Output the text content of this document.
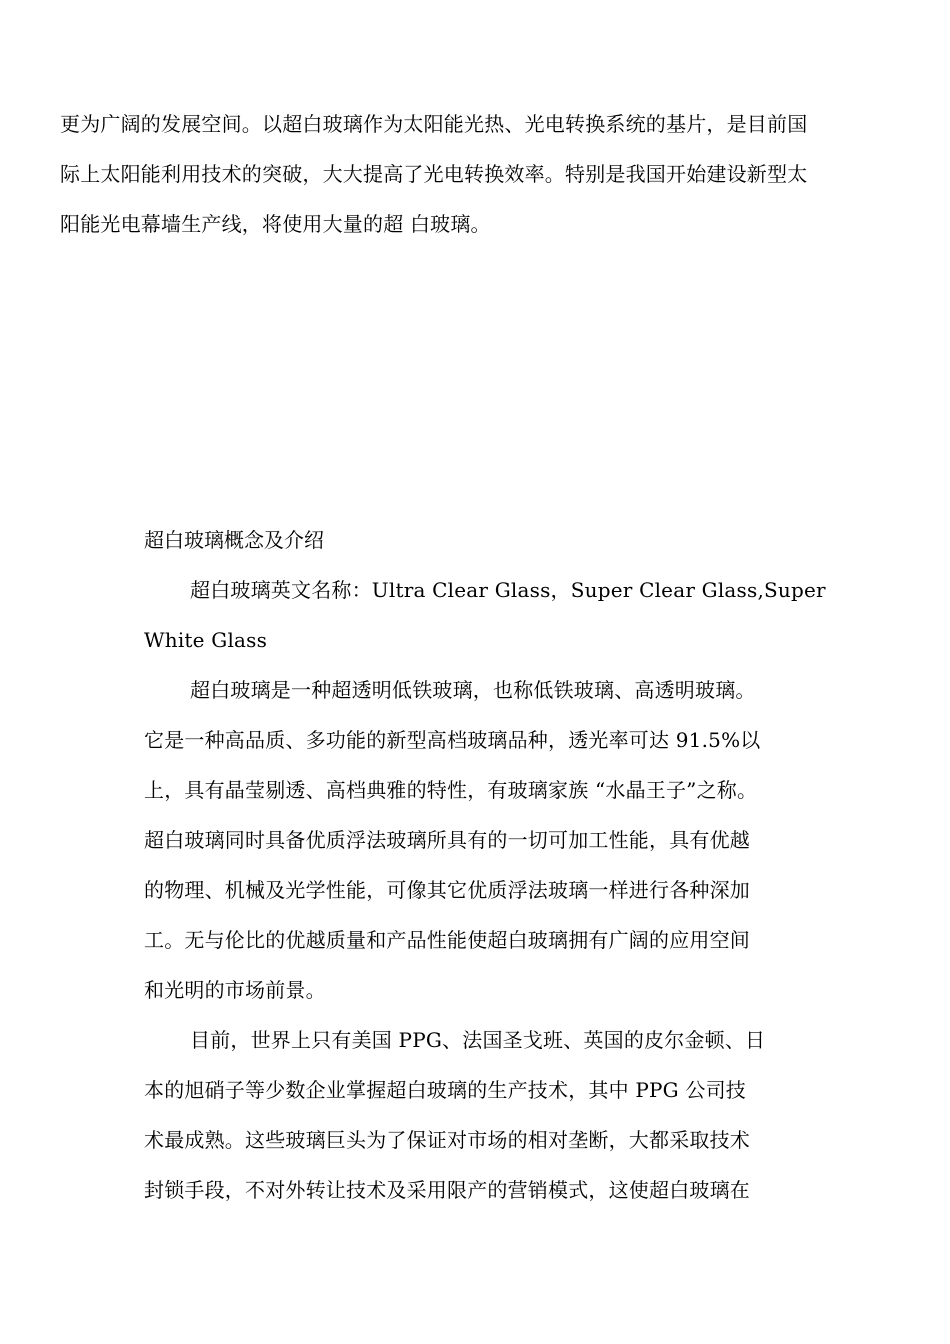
更为广阔的发展空间。以超白玻璃作为太阳能光热、光电转换系统的基片，是目前国
际上太阳能利用技术的突破，大大提高了光电转换效率。特别是我国开始建设新型太
阳能光电幕墙生产线，将使用大量的超 白玻璃。
超白玻璃概念及介绍
超白玻璃英文名称：Ultra Clear Glass，Super Clear Glass,Super
White Glass
超白玻璃是一种超透明低铁玻璃，也称低铁玻璃、高透明玻璃。
它是一种高品质、多功能的新型高档玻璃品种，透光率可达 91.5%以
上，具有晶莹剔透、高档典雅的特性，有玻璃家族 “水晶王子”之称。
超白玻璃同时具备优质浮法玻璃所具有的一切可加工性能，具有优越
的物理、机械及光学性能，可像其它优质浮法玻璃一样进行各种深加
工。无与伦比的优越质量和产品性能使超白玻璃拥有广阔的应用空间
和光明的市场前景。
目前，世界上只有美国 PPG、法国圣戈班、英国的皮尔金顿、日
本的旭硝子等少数企业掌握超白玻璃的生产技术，其中 PPG 公司技
术最成熟。这些玻璃巨头为了保证对市场的相对垄断，大都采取技术
封锁手段，不对外转让技术及采用限产的营销模式，这使超白玻璃在
